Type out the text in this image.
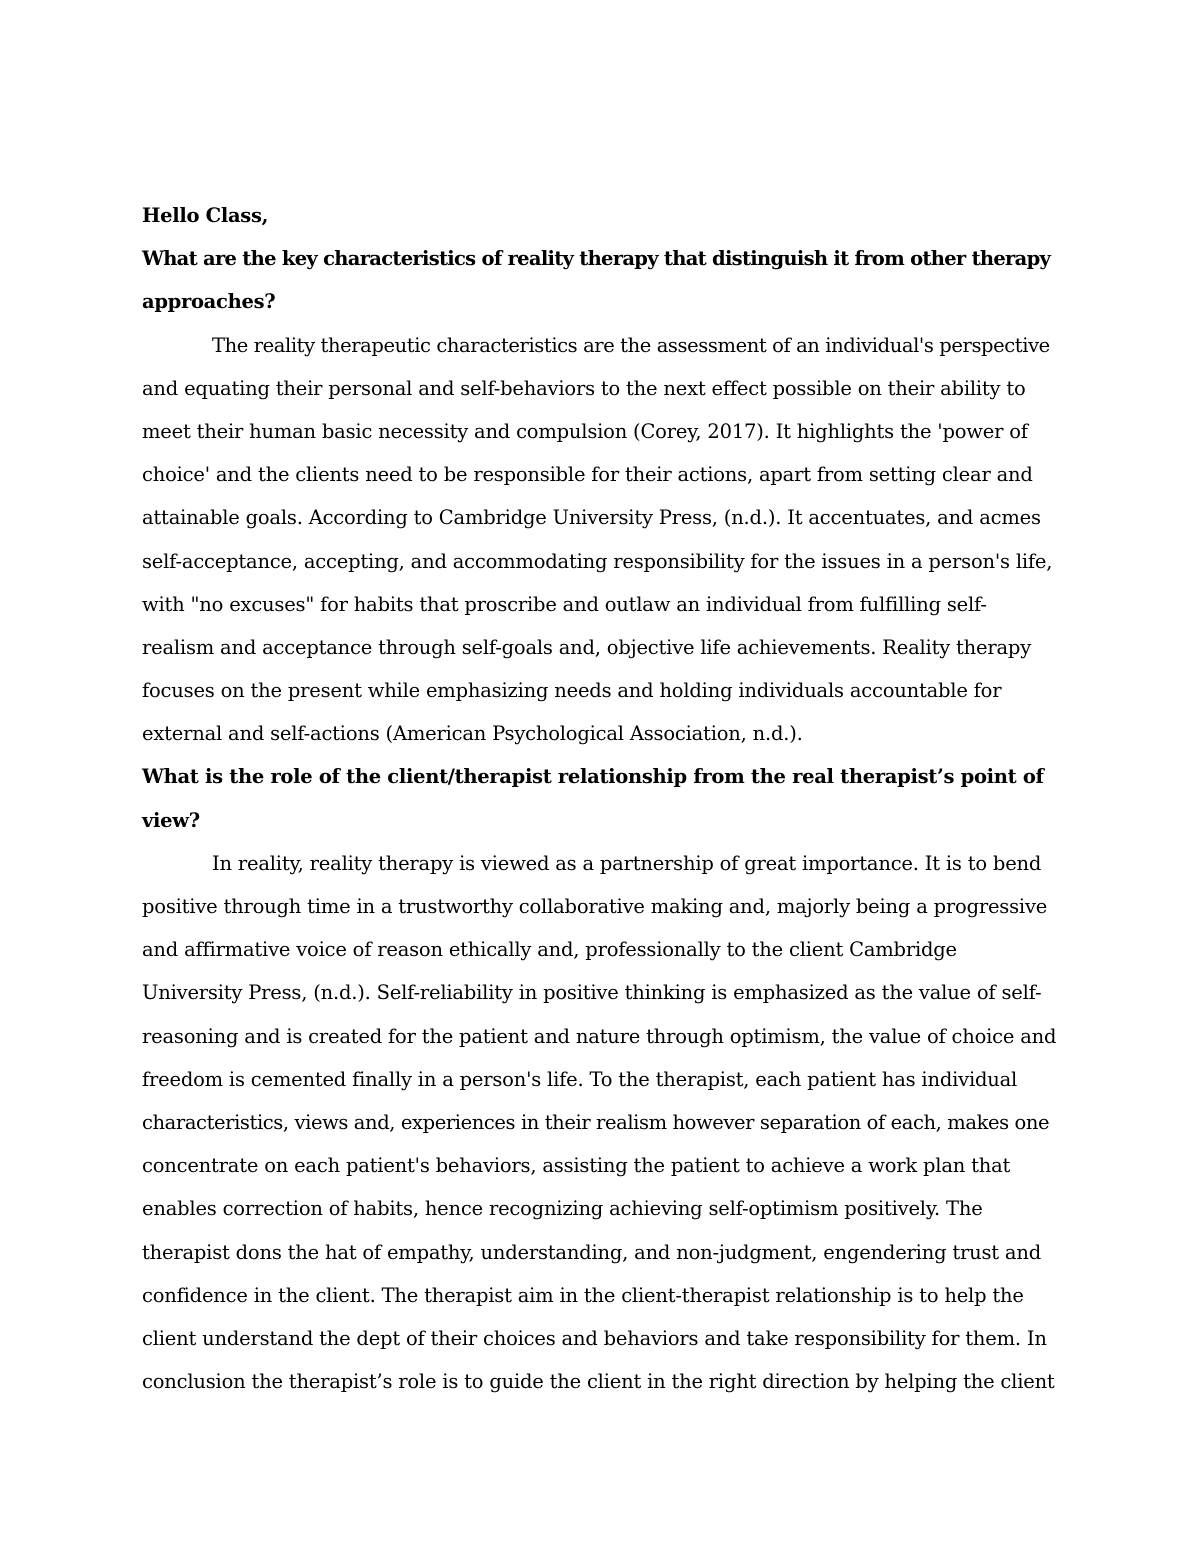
Hello Class,
What are the key characteristics of reality therapy that distinguish it from other therapy
approaches?
The reality therapeutic characteristics are the assessment of an individual's perspective
and equating their personal and self-behaviors to the next effect possible on their ability to
meet their human basic necessity and compulsion (Corey, 2017). It highlights the 'power of
choice' and the clients need to be responsible for their actions, apart from setting clear and
attainable goals. According to Cambridge University Press, (n.d.). It accentuates, and acmes
self-acceptance, accepting, and accommodating responsibility for the issues in a person's life,
with "no excuses" for habits that proscribe and outlaw an individual from fulfilling self-
realism and acceptance through self-goals and, objective life achievements. Reality therapy
focuses on the present while emphasizing needs and holding individuals accountable for
external and self-actions (American Psychological Association, n.d.).
What is the role of the client/therapist relationship from the real therapist’s point of
view?
In reality, reality therapy is viewed as a partnership of great importance. It is to bend
positive through time in a trustworthy collaborative making and, majorly being a progressive
and affirmative voice of reason ethically and, professionally to the client Cambridge
University Press, (n.d.). Self-reliability in positive thinking is emphasized as the value of self-
reasoning and is created for the patient and nature through optimism, the value of choice and
freedom is cemented finally in a person's life. To the therapist, each patient has individual
characteristics, views and, experiences in their realism however separation of each, makes one
concentrate on each patient's behaviors, assisting the patient to achieve a work plan that
enables correction of habits, hence recognizing achieving self-optimism positively. The
therapist dons the hat of empathy, understanding, and non-judgment, engendering trust and
confidence in the client. The therapist aim in the client-therapist relationship is to help the
client understand the dept of their choices and behaviors and take responsibility for them. In
conclusion the therapist’s role is to guide the client in the right direction by helping the client
